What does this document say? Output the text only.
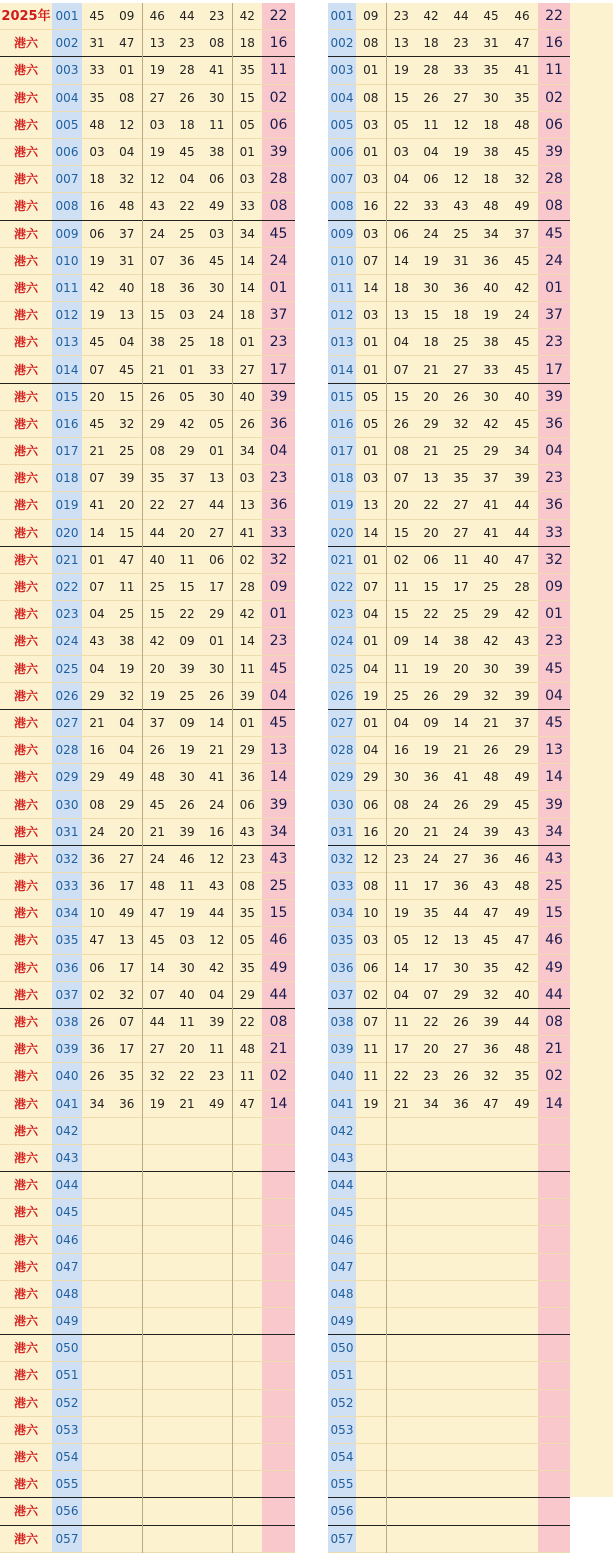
2025年	001	45	09	46	44	23	42	22
港六	002	31	47	13	23	08	18	16
港六	003	33	01	19	28	41	35	11
港六	004	35	08	27	26	30	15	02
港六	005	48	12	03	18	11	05	06
港六	006	03	04	19	45	38	01	39
港六	007	18	32	12	04	06	03	28
港六	008	16	48	43	22	49	33	08
港六	009	06	37	24	25	03	34	45
港六	010	19	31	07	36	45	14	24
港六	011	42	40	18	36	30	14	01
港六	012	19	13	15	03	24	18	37
港六	013	45	04	38	25	18	01	23
港六	014	07	45	21	01	33	27	17
港六	015	20	15	26	05	30	40	39
港六	016	45	32	29	42	05	26	36
港六	017	21	25	08	29	01	34	04
港六	018	07	39	35	37	13	03	23
港六	019	41	20	22	27	44	13	36
港六	020	14	15	44	20	27	41	33
港六	021	01	47	40	11	06	02	32
港六	022	07	11	25	15	17	28	09
港六	023	04	25	15	22	29	42	01
港六	024	43	38	42	09	01	14	23
港六	025	04	19	20	39	30	11	45
港六	026	29	32	19	25	26	39	04
港六	027	21	04	37	09	14	01	45
港六	028	16	04	26	19	21	29	13
港六	029	29	49	48	30	41	36	14
港六	030	08	29	45	26	24	06	39
港六	031	24	20	21	39	16	43	34
港六	032	36	27	24	46	12	23	43
港六	033	36	17	48	11	43	08	25
港六	034	10	49	47	19	44	35	15
港六	035	47	13	45	03	12	05	46
港六	036	06	17	14	30	42	35	49
港六	037	02	32	07	40	04	29	44
港六	038	26	07	44	11	39	22	08
港六	039	36	17	27	20	11	48	21
港六	040	26	35	32	22	23	11	02
港六	041	34	36	19	21	49	47	14
港六	042							
港六	043							
港六	044							
港六	045							
港六	046							
港六	047							
港六	048							
港六	049							
港六	050							
港六	051							
港六	052							
港六	053							
港六	054							
港六	055							
港六	056							
港六	057							
001	09	23	42	44	45	46	22
002	08	13	18	23	31	47	16
003	01	19	28	33	35	41	11
004	08	15	26	27	30	35	02
005	03	05	11	12	18	48	06
006	01	03	04	19	38	45	39
007	03	04	06	12	18	32	28
008	16	22	33	43	48	49	08
009	03	06	24	25	34	37	45
010	07	14	19	31	36	45	24
011	14	18	30	36	40	42	01
012	03	13	15	18	19	24	37
013	01	04	18	25	38	45	23
014	01	07	21	27	33	45	17
015	05	15	20	26	30	40	39
016	05	26	29	32	42	45	36
017	01	08	21	25	29	34	04
018	03	07	13	35	37	39	23
019	13	20	22	27	41	44	36
020	14	15	20	27	41	44	33
021	01	02	06	11	40	47	32
022	07	11	15	17	25	28	09
023	04	15	22	25	29	42	01
024	01	09	14	38	42	43	23
025	04	11	19	20	30	39	45
026	19	25	26	29	32	39	04
027	01	04	09	14	21	37	45
028	04	16	19	21	26	29	13
029	29	30	36	41	48	49	14
030	06	08	24	26	29	45	39
031	16	20	21	24	39	43	34
032	12	23	24	27	36	46	43
033	08	11	17	36	43	48	25
034	10	19	35	44	47	49	15
035	03	05	12	13	45	47	46
036	06	14	17	30	35	42	49
037	02	04	07	29	32	40	44
038	07	11	22	26	39	44	08
039	11	17	20	27	36	48	21
040	11	22	23	26	32	35	02
041	19	21	34	36	47	49	14
042							
043							
044							
045							
046							
047							
048							
049							
050							
051							
052							
053							
054							
055							
056							
057							
